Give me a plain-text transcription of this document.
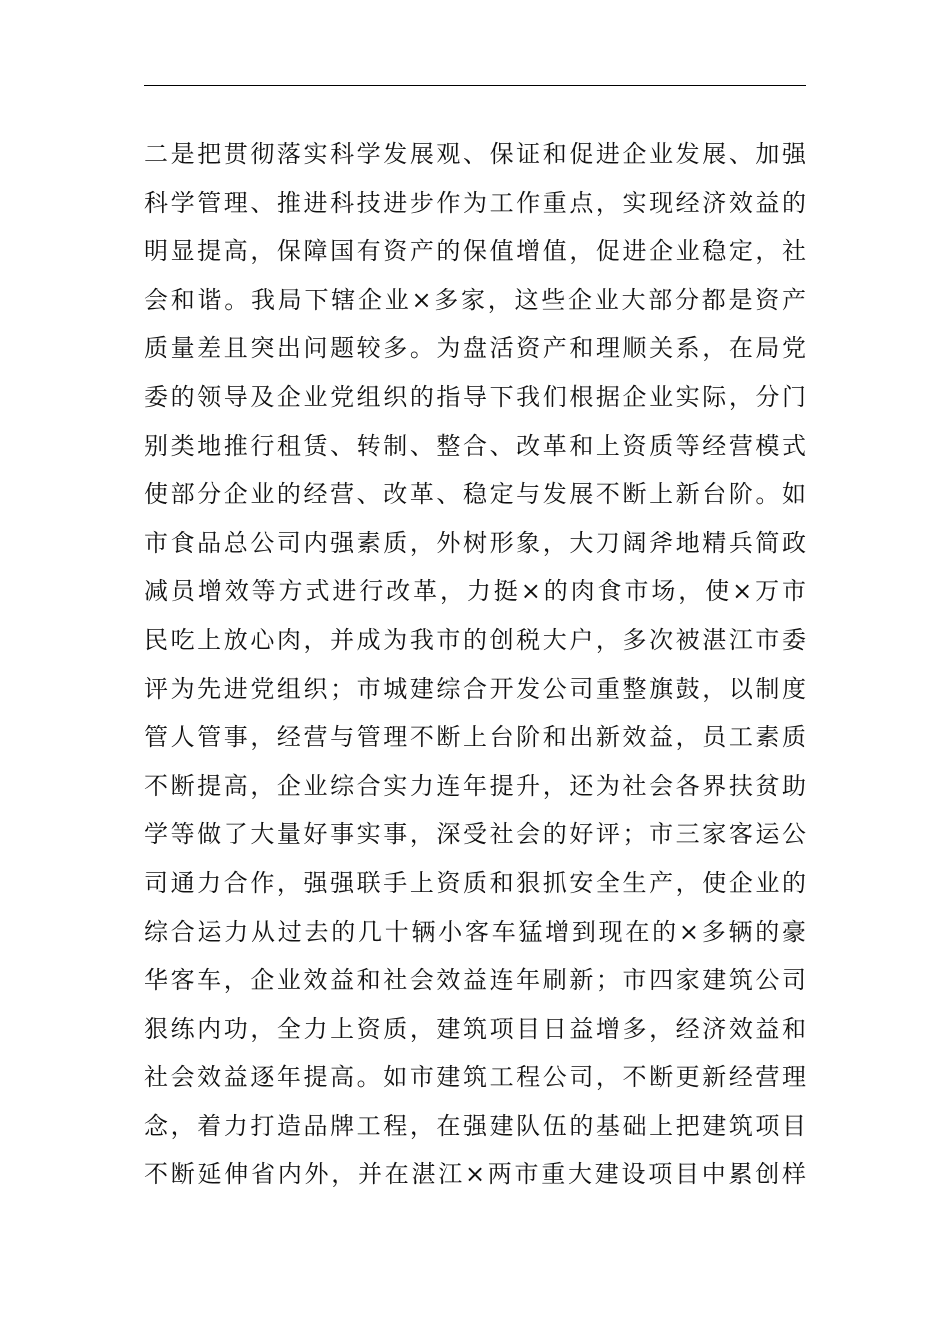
二是把贯彻落实科学发展观、保证和促进企业发展、加强
科学管理、推进科技进步作为工作重点，实现经济效益的
明显提高，保障国有资产的保值增值，促进企业稳定，社
会和谐。我局下辖企业×多家，这些企业大部分都是资产
质量差且突出问题较多。为盘活资产和理顺关系，在局党
委的领导及企业党组织的指导下我们根据企业实际，分门
别类地推行租赁、转制、整合、改革和上资质等经营模式
使部分企业的经营、改革、稳定与发展不断上新台阶。如
市食品总公司内强素质，外树形象，大刀阔斧地精兵简政
减员增效等方式进行改革，力挺×的肉食市场，使×万市
民吃上放心肉，并成为我市的创税大户，多次被湛江市委
评为先进党组织；市城建综合开发公司重整旗鼓，以制度
管人管事，经营与管理不断上台阶和出新效益，员工素质
不断提高，企业综合实力连年提升，还为社会各界扶贫助
学等做了大量好事实事，深受社会的好评；市三家客运公
司通力合作，强强联手上资质和狠抓安全生产，使企业的
综合运力从过去的几十辆小客车猛增到现在的×多辆的豪
华客车，企业效益和社会效益连年刷新；市四家建筑公司
狠练内功，全力上资质，建筑项目日益增多，经济效益和
社会效益逐年提高。如市建筑工程公司，不断更新经营理
念，着力打造品牌工程，在强建队伍的基础上把建筑项目
不断延伸省内外，并在湛江×两市重大建设项目中累创样
